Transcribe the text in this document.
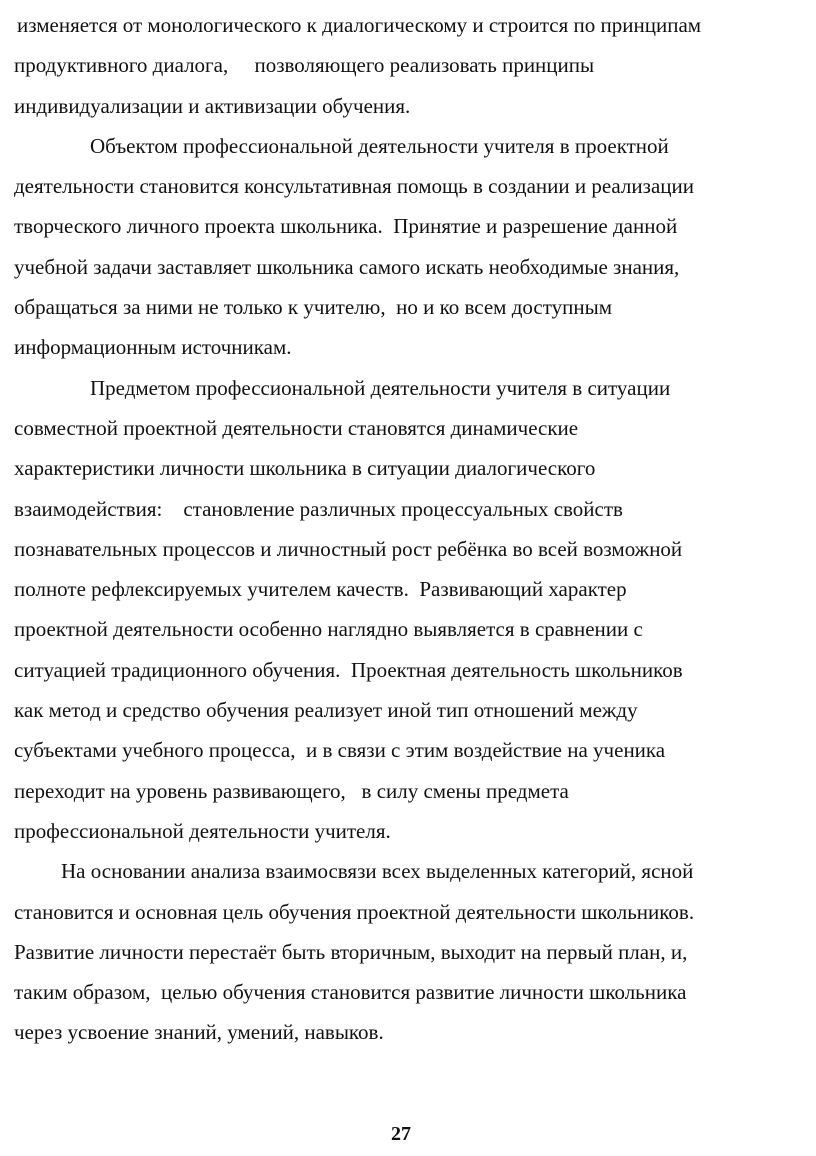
изменяется от монологического к диалогическому и строится по принципам
продуктивного диалога,     позволяющего реализовать принципы
индивидуализации и активизации обучения.
Объектом профессиональной деятельности учителя в проектной
деятельности становится консультативная помощь в создании и реализации
творческого личного проекта школьника.  Принятие и разрешение данной
учебной задачи заставляет школьника самого искать необходимые знания,
обращаться за ними не только к учителю,  но и ко всем доступным
информационным источникам.
Предметом профессиональной деятельности учителя в ситуации
совместной проектной деятельности становятся динамические
характеристики личности школьника в ситуации диалогического
взаимодействия:    становление различных процессуальных свойств
познавательных процессов и личностный рост ребёнка во всей возможной
полноте рефлексируемых учителем качеств.  Развивающий характер
проектной деятельности особенно наглядно выявляется в сравнении с
ситуацией традиционного обучения.  Проектная деятельность школьников
как метод и средство обучения реализует иной тип отношений между
субъектами учебного процесса,  и в связи с этим воздействие на ученика
переходит на уровень развивающего,   в силу смены предмета
профессиональной деятельности учителя.
На основании анализа взаимосвязи всех выделенных категорий, ясной
становится и основная цель обучения проектной деятельности школьников.
Развитие личности перестаёт быть вторичным, выходит на первый план, и,
таким образом,  целью обучения становится развитие личности школьника
через усвоение знаний, умений, навыков.
27
